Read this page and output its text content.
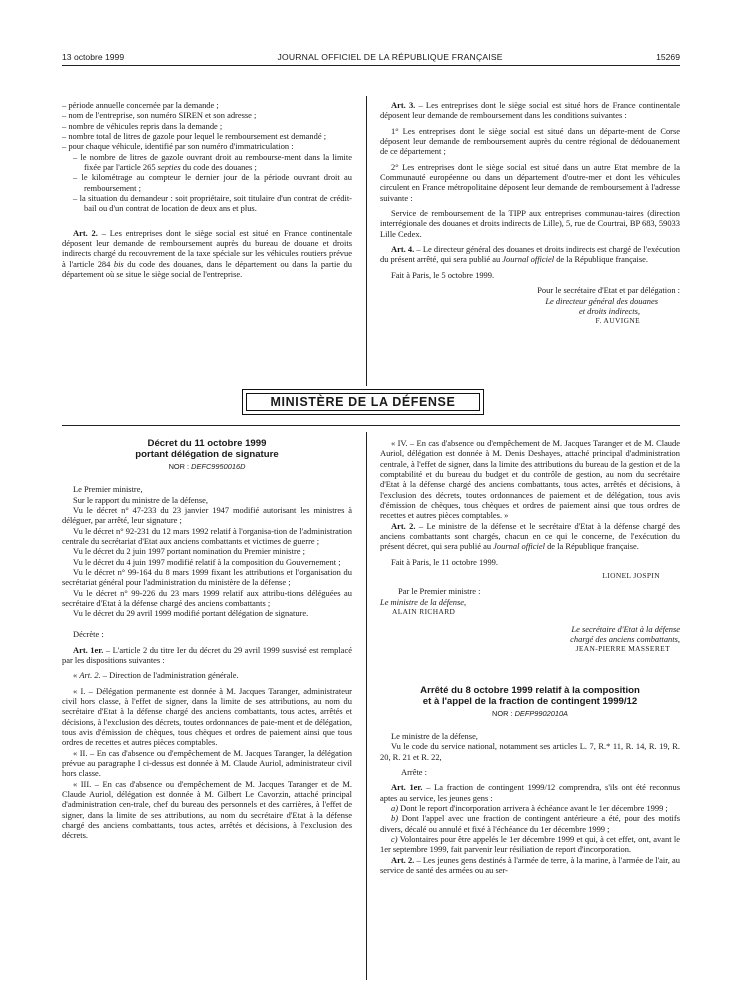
13 octobre 1999	JOURNAL OFFICIEL DE LA RÉPUBLIQUE FRANÇAISE	15269

– période annuelle concernée par la demande ;

– nom de l'entreprise, son numéro SIREN et son adresse ;

– nombre de véhicules repris dans la demande ;

– nombre total de litres de gazole pour lequel le remboursement est demandé ;

– pour chaque véhicule, identifié par son numéro d'immatriculation :

– le nombre de litres de gazole ouvrant droit au rembourse-ment dans la limite fixée par l'article 265 septies du code des douanes ;

– le kilométrage au compteur le dernier jour de la période ouvrant droit au remboursement ;

– la situation du demandeur : soit propriétaire, soit titulaire d'un contrat de crédit-bail ou d'un contrat de location de deux ans et plus.

Art. 2. – Les entreprises dont le siège social est situé en France continentale déposent leur demande de remboursement auprès du bureau de douane et droits indirects chargé du recouvrement de la taxe spéciale sur les véhicules routiers prévue à l'article 284 bis du code des douanes, dans le département ou dans la partie du département où se situe le siège social de l'entreprise.

Art. 3. – Les entreprises dont le siège social est situé hors de France continentale déposent leur demande de remboursement dans les conditions suivantes :

1° Les entreprises dont le siège social est situé dans un départe-ment de Corse déposent leur demande de remboursement auprès du centre régional de dédouanement de ce département ;

2° Les entreprises dont le siège social est situé dans un autre Etat membre de la Communauté européenne ou dans un département d'outre-mer et dont les véhicules circulent en France métropolitaine déposent leur demande de remboursement à l'adresse suivante :

Service de remboursement de la TIPP aux entreprises communau-taires (direction interrégionale des douanes et droits indirects de Lille), 5, rue de Courtrai, BP 683, 59033 Lille Cedex.

Art. 4. – Le directeur général des douanes et droits indirects est chargé de l'exécution du présent arrêté, qui sera publié au Journal officiel de la République française.

Fait à Paris, le 5 octobre 1999.

Pour le secrétaire d'Etat et par délégation :

Le directeur général des douanes

et droits indirects,

F. AUVIGNE

MINISTÈRE DE LA DÉFENSE

Décret du 11 octobre 1999

portant délégation de signature

NOR : DEFC9950016D

Le Premier ministre,

Sur le rapport du ministre de la défense,

Vu le décret n° 47-233 du 23 janvier 1947 modifié autorisant les ministres à déléguer, par arrêté, leur signature ;

Vu le décret n° 92-231 du 12 mars 1992 relatif à l'organisa-tion de l'administration centrale du secrétariat d'Etat aux anciens combattants et victimes de guerre ;

Vu le décret du 2 juin 1997 portant nomination du Premier ministre ;

Vu le décret du 4 juin 1997 modifié relatif à la composition du Gouvernement ;

Vu le décret n° 99-164 du 8 mars 1999 fixant les attributions et l'organisation du secrétariat général pour l'administration du ministère de la défense ;

Vu le décret n° 99-226 du 23 mars 1999 relatif aux attribu-tions déléguées au secrétaire d'Etat à la défense chargé des anciens combattants ;

Vu le décret du 29 avril 1999 modifié portant délégation de signature.

Décrète :

Art. 1er. – L'article 2 du titre Ier du décret du 29 avril 1999 susvisé est remplacé par les dispositions suivantes :

« Art. 2. – Direction de l'administration générale.

« I. – Délégation permanente est donnée à M. Jacques Taranger, administrateur civil hors classe, à l'effet de signer, dans la limite de ses attributions, au nom du secrétaire d'Etat à la défense chargé des anciens combattants, tous actes, arrêtés et décisions, à l'exclusion des décrets, toutes ordonnances de paie-ment et de délégation, tous avis d'émission de chèques, tous chèques et ordres de paiement ainsi que tous ordres de recettes et autres pièces comptables.

« II. – En cas d'absence ou d'empêchement de M. Jacques Taranger, la délégation prévue au paragraphe I ci-dessus est donnée à M. Claude Auriol, administrateur civil hors classe.

« III. – En cas d'absence ou d'empêchement de M. Jacques Taranger et de M. Claude Auriol, délégation est donnée à M. Gilbert Le Cavorzin, attaché principal d'administration cen-trale, chef du bureau des personnels et des carrières, à l'effet de signer, dans la limite de ses attributions, au nom du secrétaire d'Etat à la défense chargé des anciens combattants, tous actes, arrêtés et décisions, à l'exclusion des décrets.

« IV. – En cas d'absence ou d'empêchement de M. Jacques Taranger et de M. Claude Auriol, délégation est donnée à M. Denis Deshayes, attaché principal d'administration centrale, à l'effet de signer, dans la limite des attributions du bureau de la gestion et de la comptabilité et du bureau du budget et du contrôle de gestion, au nom du secrétaire d'Etat à la défense chargé des anciens combattants, tous actes, arrêtés et décisions, à l'exclusion des décrets, toutes ordonnances de paiement et de délégation, tous avis d'émission de chèques, tous chèques et ordres de paiement ainsi que tous ordres de recettes et autres pièces comptables. »

Art. 2. – Le ministre de la défense et le secrétaire d'Etat à la défense chargé des anciens combattants sont chargés, chacun en ce qui le concerne, de l'exécution du présent décret, qui sera publié au Journal officiel de la République française.

Fait à Paris, le 11 octobre 1999.

LIONEL JOSPIN

Par le Premier ministre :

Le ministre de la défense,

ALAIN RICHARD

Le secrétaire d'Etat à la défense

chargé des anciens combattants,

JEAN-PIERRE MASSERET

Arrêté du 8 octobre 1999 relatif à la composition

et à l'appel de la fraction de contingent 1999/12

NOR : DEFP9902010A

Le ministre de la défense,

Vu le code du service national, notamment ses articles L. 7, R.* 11, R. 14, R. 19, R. 20, R. 21 et R. 22,

Arrête :

Art. 1er. – La fraction de contingent 1999/12 comprendra, s'ils ont été reconnus aptes au service, les jeunes gens :

a) Dont le report d'incorporation arrivera à échéance avant le 1er décembre 1999 ;

b) Dont l'appel avec une fraction de contingent antérieure a été, pour des motifs divers, décalé ou annulé et fixé à l'échéance du 1er décembre 1999 ;

c) Volontaires pour être appelés le 1er décembre 1999 et qui, à cet effet, ont, avant le 1er septembre 1999, fait parvenir leur résiliation de report d'incorporation.

Art. 2. – Les jeunes gens destinés à l'armée de terre, à la marine, à l'armée de l'air, au service de santé des armées ou au ser-
